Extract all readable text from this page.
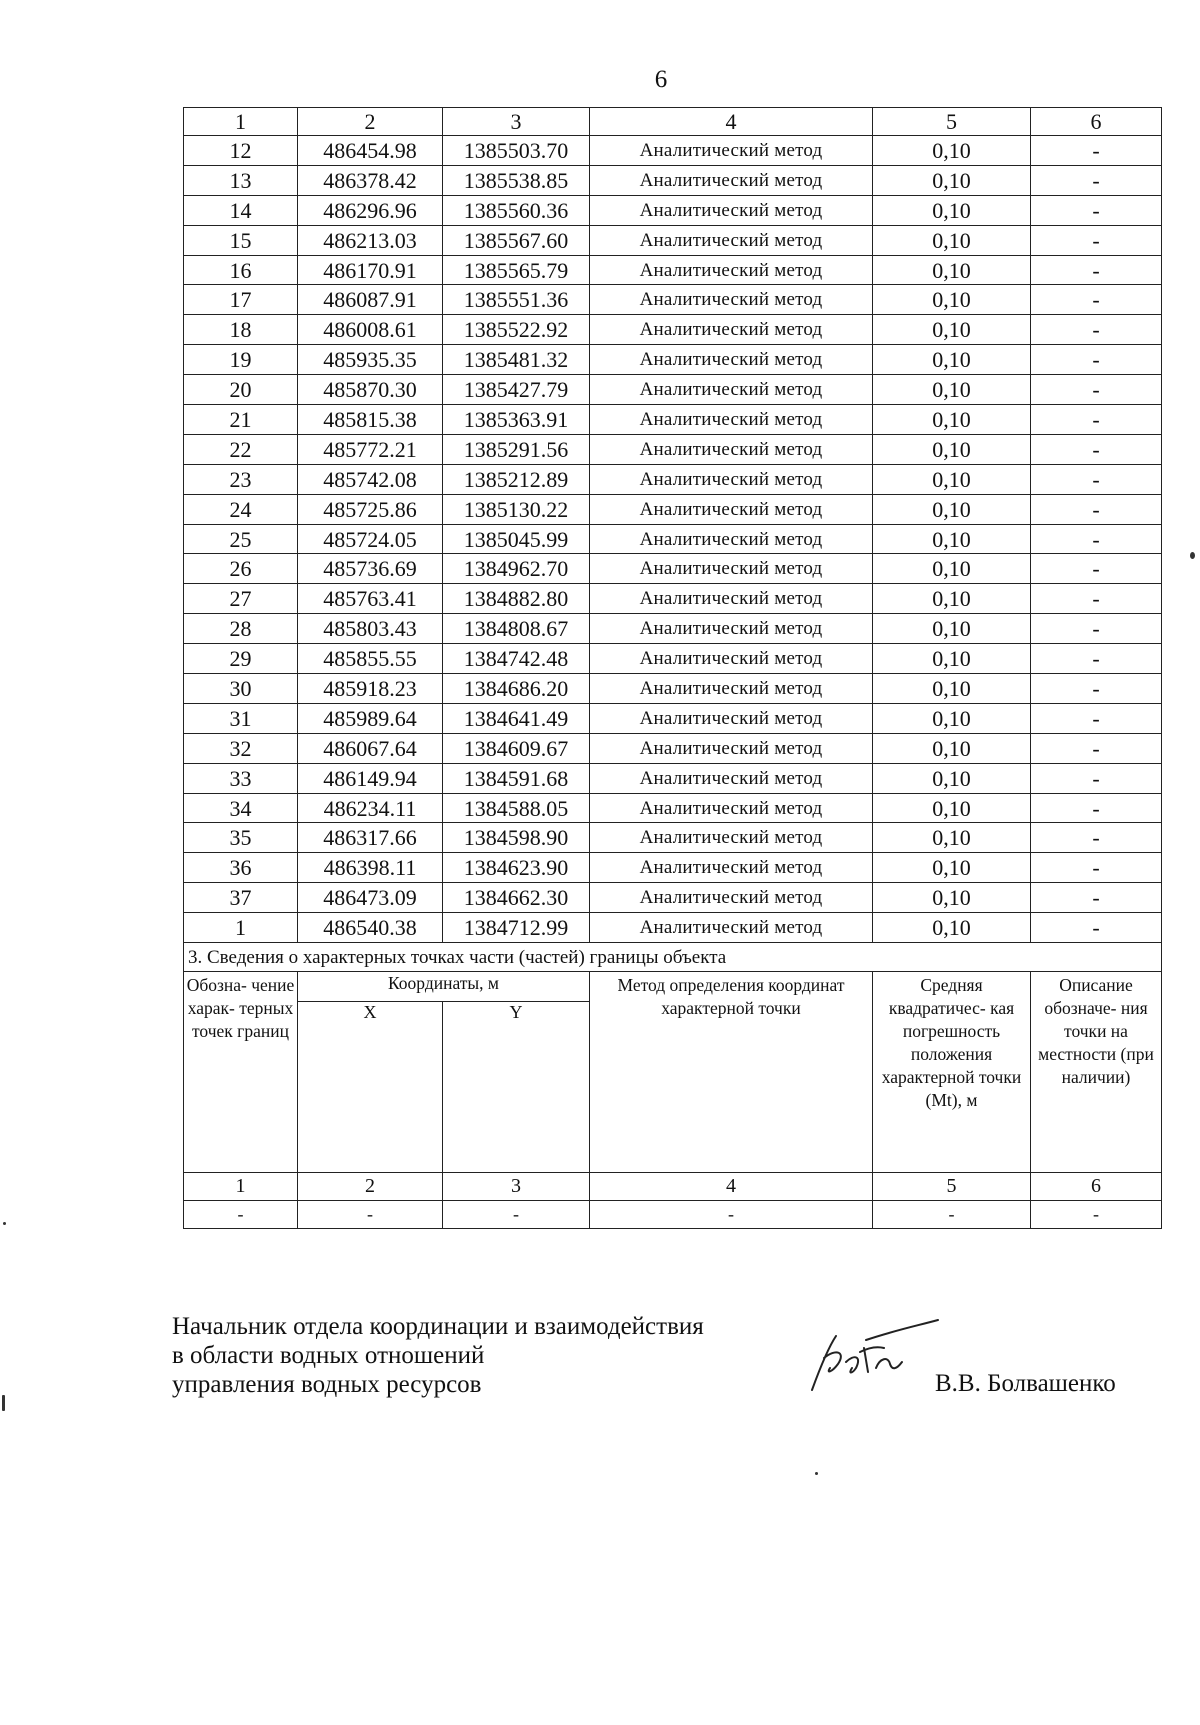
6
1	2	3	4	5	6
12	486454.98	1385503.70	Аналитический метод	0,10	-
13	486378.42	1385538.85	Аналитический метод	0,10	-
14	486296.96	1385560.36	Аналитический метод	0,10	-
15	486213.03	1385567.60	Аналитический метод	0,10	-
16	486170.91	1385565.79	Аналитический метод	0,10	-
17	486087.91	1385551.36	Аналитический метод	0,10	-
18	486008.61	1385522.92	Аналитический метод	0,10	-
19	485935.35	1385481.32	Аналитический метод	0,10	-
20	485870.30	1385427.79	Аналитический метод	0,10	-
21	485815.38	1385363.91	Аналитический метод	0,10	-
22	485772.21	1385291.56	Аналитический метод	0,10	-
23	485742.08	1385212.89	Аналитический метод	0,10	-
24	485725.86	1385130.22	Аналитический метод	0,10	-
25	485724.05	1385045.99	Аналитический метод	0,10	-
26	485736.69	1384962.70	Аналитический метод	0,10	-
27	485763.41	1384882.80	Аналитический метод	0,10	-
28	485803.43	1384808.67	Аналитический метод	0,10	-
29	485855.55	1384742.48	Аналитический метод	0,10	-
30	485918.23	1384686.20	Аналитический метод	0,10	-
31	485989.64	1384641.49	Аналитический метод	0,10	-
32	486067.64	1384609.67	Аналитический метод	0,10	-
33	486149.94	1384591.68	Аналитический метод	0,10	-
34	486234.11	1384588.05	Аналитический метод	0,10	-
35	486317.66	1384598.90	Аналитический метод	0,10	-
36	486398.11	1384623.90	Аналитический метод	0,10	-
37	486473.09	1384662.30	Аналитический метод	0,10	-
1	486540.38	1384712.99	Аналитический метод	0,10	-
3. Сведения о характерных точках части (частей) границы объекта					
Обозна- чение харак- терных точек границ	Координаты, м		Метод определения координат характерной точки	Средняя квадратичес- кая погрешность положения характерной точки (Mt), м	Описание обозначе- ния точки на местности (при наличии)
	X	Y			
1	2	3	4	5	6
-	-	-	-	-	-
Начальник отдела координации и взаимодействия
в области водных отношений
управления водных ресурсов	В.В. Болвашенко
